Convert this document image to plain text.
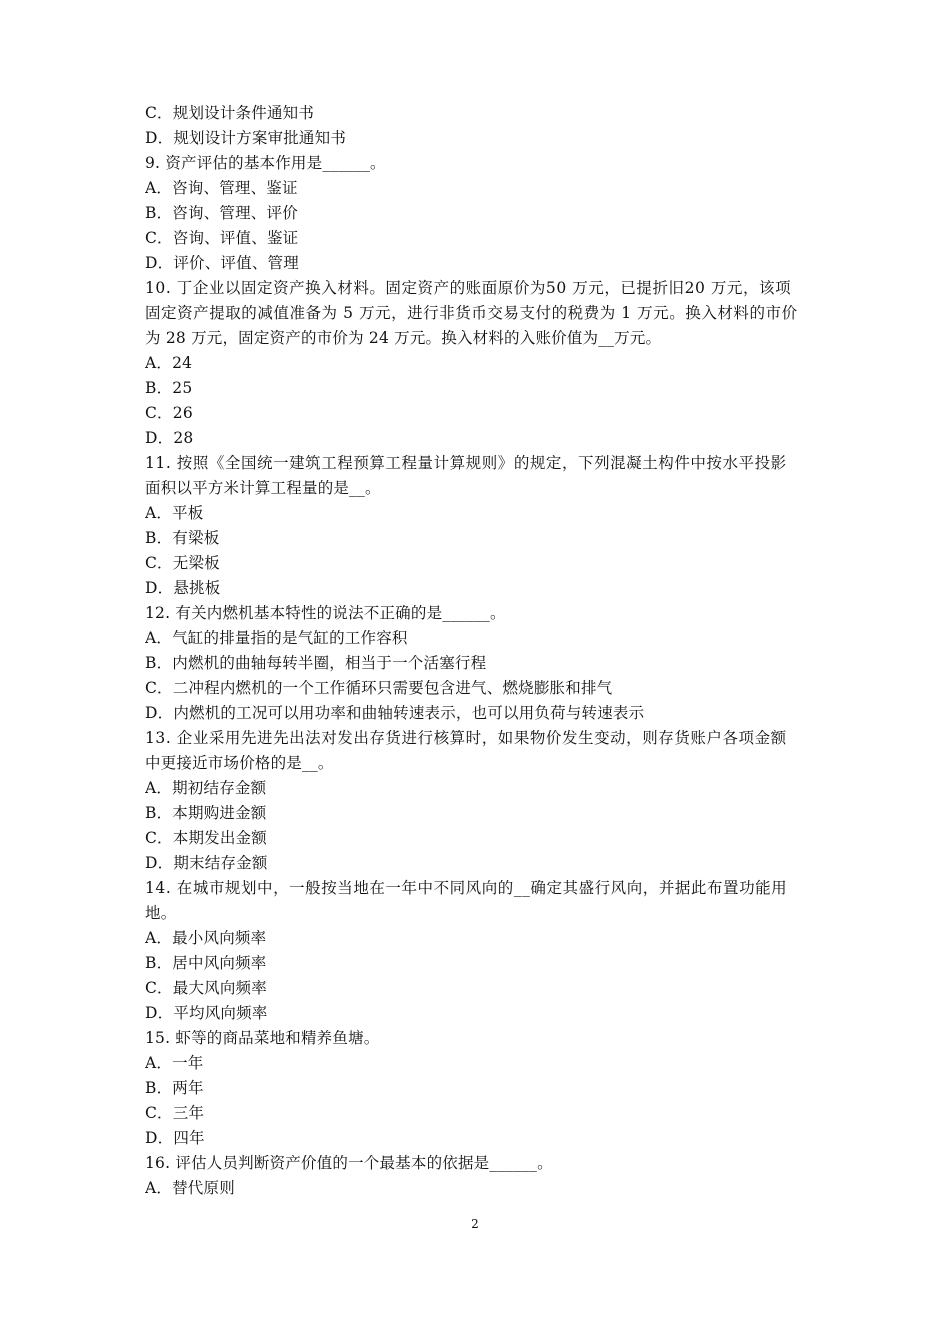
C．规划设计条件通知书
D．规划设计方案审批通知书
9. 资产评估的基本作用是______。
A．咨询、管理、鉴证
B．咨询、管理、评价
C．咨询、评值、鉴证
D．评价、评值、管理
10. 丁企业以固定资产换入材料。固定资产的账面原价为50 万元，已提折旧20 万元，该项
固定资产提取的减值准备为 5 万元，进行非货币交易支付的税费为 1 万元。换入材料的市价
为 28 万元，固定资产的市价为 24 万元。换入材料的入账价值为__万元。
A．24
B．25
C．26
D．28
11. 按照《全国统一建筑工程预算工程量计算规则》的规定，下列混凝土构件中按水平投影
面积以平方米计算工程量的是__。
A．平板
B．有梁板
C．无梁板
D．悬挑板
12. 有关内燃机基本特性的说法不正确的是______。
A．气缸的排量指的是气缸的工作容积
B．内燃机的曲轴每转半圈，相当于一个活塞行程
C．二冲程内燃机的一个工作循环只需要包含进气、燃烧膨胀和排气
D．内燃机的工况可以用功率和曲轴转速表示，也可以用负荷与转速表示
13. 企业采用先进先出法对发出存货进行核算时，如果物价发生变动，则存货账户各项金额
中更接近市场价格的是__。
A．期初结存金额
B．本期购进金额
C．本期发出金额
D．期末结存金额
14. 在城市规划中，一般按当地在一年中不同风向的__确定其盛行风向，并据此布置功能用
地。
A．最小风向频率
B．居中风向频率
C．最大风向频率
D．平均风向频率
15. 虾等的商品菜地和精养鱼塘。
A．一年
B．两年
C．三年
D．四年
16. 评估人员判断资产价值的一个最基本的依据是______。
A．替代原则
2
